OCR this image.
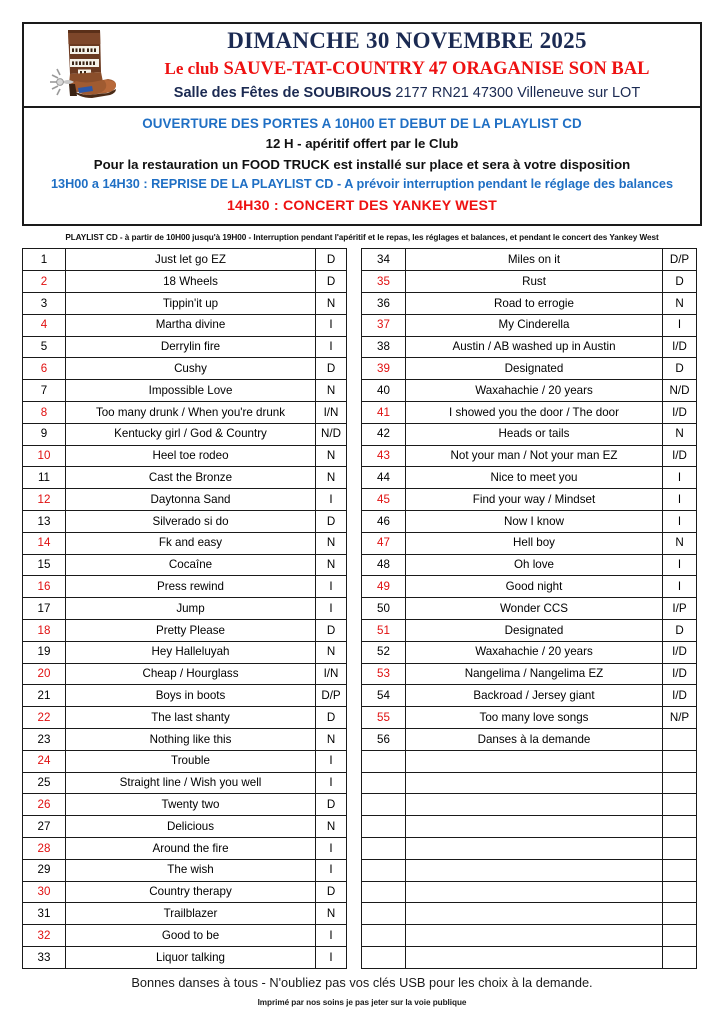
DIMANCHE 30 NOVEMBRE 2025
Le club SAUVE-TAT-COUNTRY 47 ORAGANISE SON BAL
Salle des Fêtes de SOUBIROUS 2177 RN21 47300 Villeneuve sur LOT
OUVERTURE DES PORTES A 10H00 ET DEBUT DE LA PLAYLIST CD
12 H - apéritif offert par le Club
Pour la restauration un FOOD TRUCK est installé sur place et sera à votre disposition
13H00 a 14H30 : REPRISE DE LA PLAYLIST CD - A prévoir interruption pendant le réglage des balances
14H30 : CONCERT DES YANKEY WEST
PLAYLIST CD - à partir de 10H00 jusqu'à 19H00 - Interruption pendant l'apéritif et le repas, les réglages et balances, et pendant le concert des Yankey West
1	Just let go EZ	D
2	18 Wheels	D
3	Tippin'it up	N
4	Martha divine	I
5	Derrylin fire	I
6	Cushy	D
7	Impossible Love	N
8	Too many drunk / When you're drunk	I/N
9	Kentucky girl / God & Country	N/D
10	Heel toe rodeo	N
11	Cast the Bronze	N
12	Daytonna Sand	I
13	Silverado si do	D
14	Fk and easy	N
15	Cocaîne	N
16	Press rewind	I
17	Jump	I
18	Pretty Please	D
19	Hey Halleluyah	N
20	Cheap / Hourglass	I/N
21	Boys in boots	D/P
22	The last shanty	D
23	Nothing like this	N
24	Trouble	I
25	Straight line / Wish you well	I
26	Twenty two	D
27	Delicious	N
28	Around the fire	I
29	The wish	I
30	Country therapy	D
31	Trailblazer	N
32	Good to be	I
33	Liquor talking	I
34	Miles on it	D/P
35	Rust	D
36	Road to errogie	N
37	My Cinderella	I
38	Austin / AB washed up in Austin	I/D
39	Designated	D
40	Waxahachie / 20 years	N/D
41	I showed you the door / The door	I/D
42	Heads or tails	N
43	Not your man / Not your man EZ	I/D
44	Nice to meet you	I
45	Find your way / Mindset	I
46	Now I know	I
47	Hell boy	N
48	Oh love	I
49	Good night	I
50	Wonder CCS	I/P
51	Designated	D
52	Waxahachie / 20 years	I/D
53	Nangelima / Nangelima EZ	I/D
54	Backroad / Jersey giant	I/D
55	Too many love songs	N/P
56	Danses à la demande	

Bonnes danses à tous - N'oubliez pas vos clés USB pour les choix à la demande.
Imprimé par nos soins je pas jeter sur la voie publique
